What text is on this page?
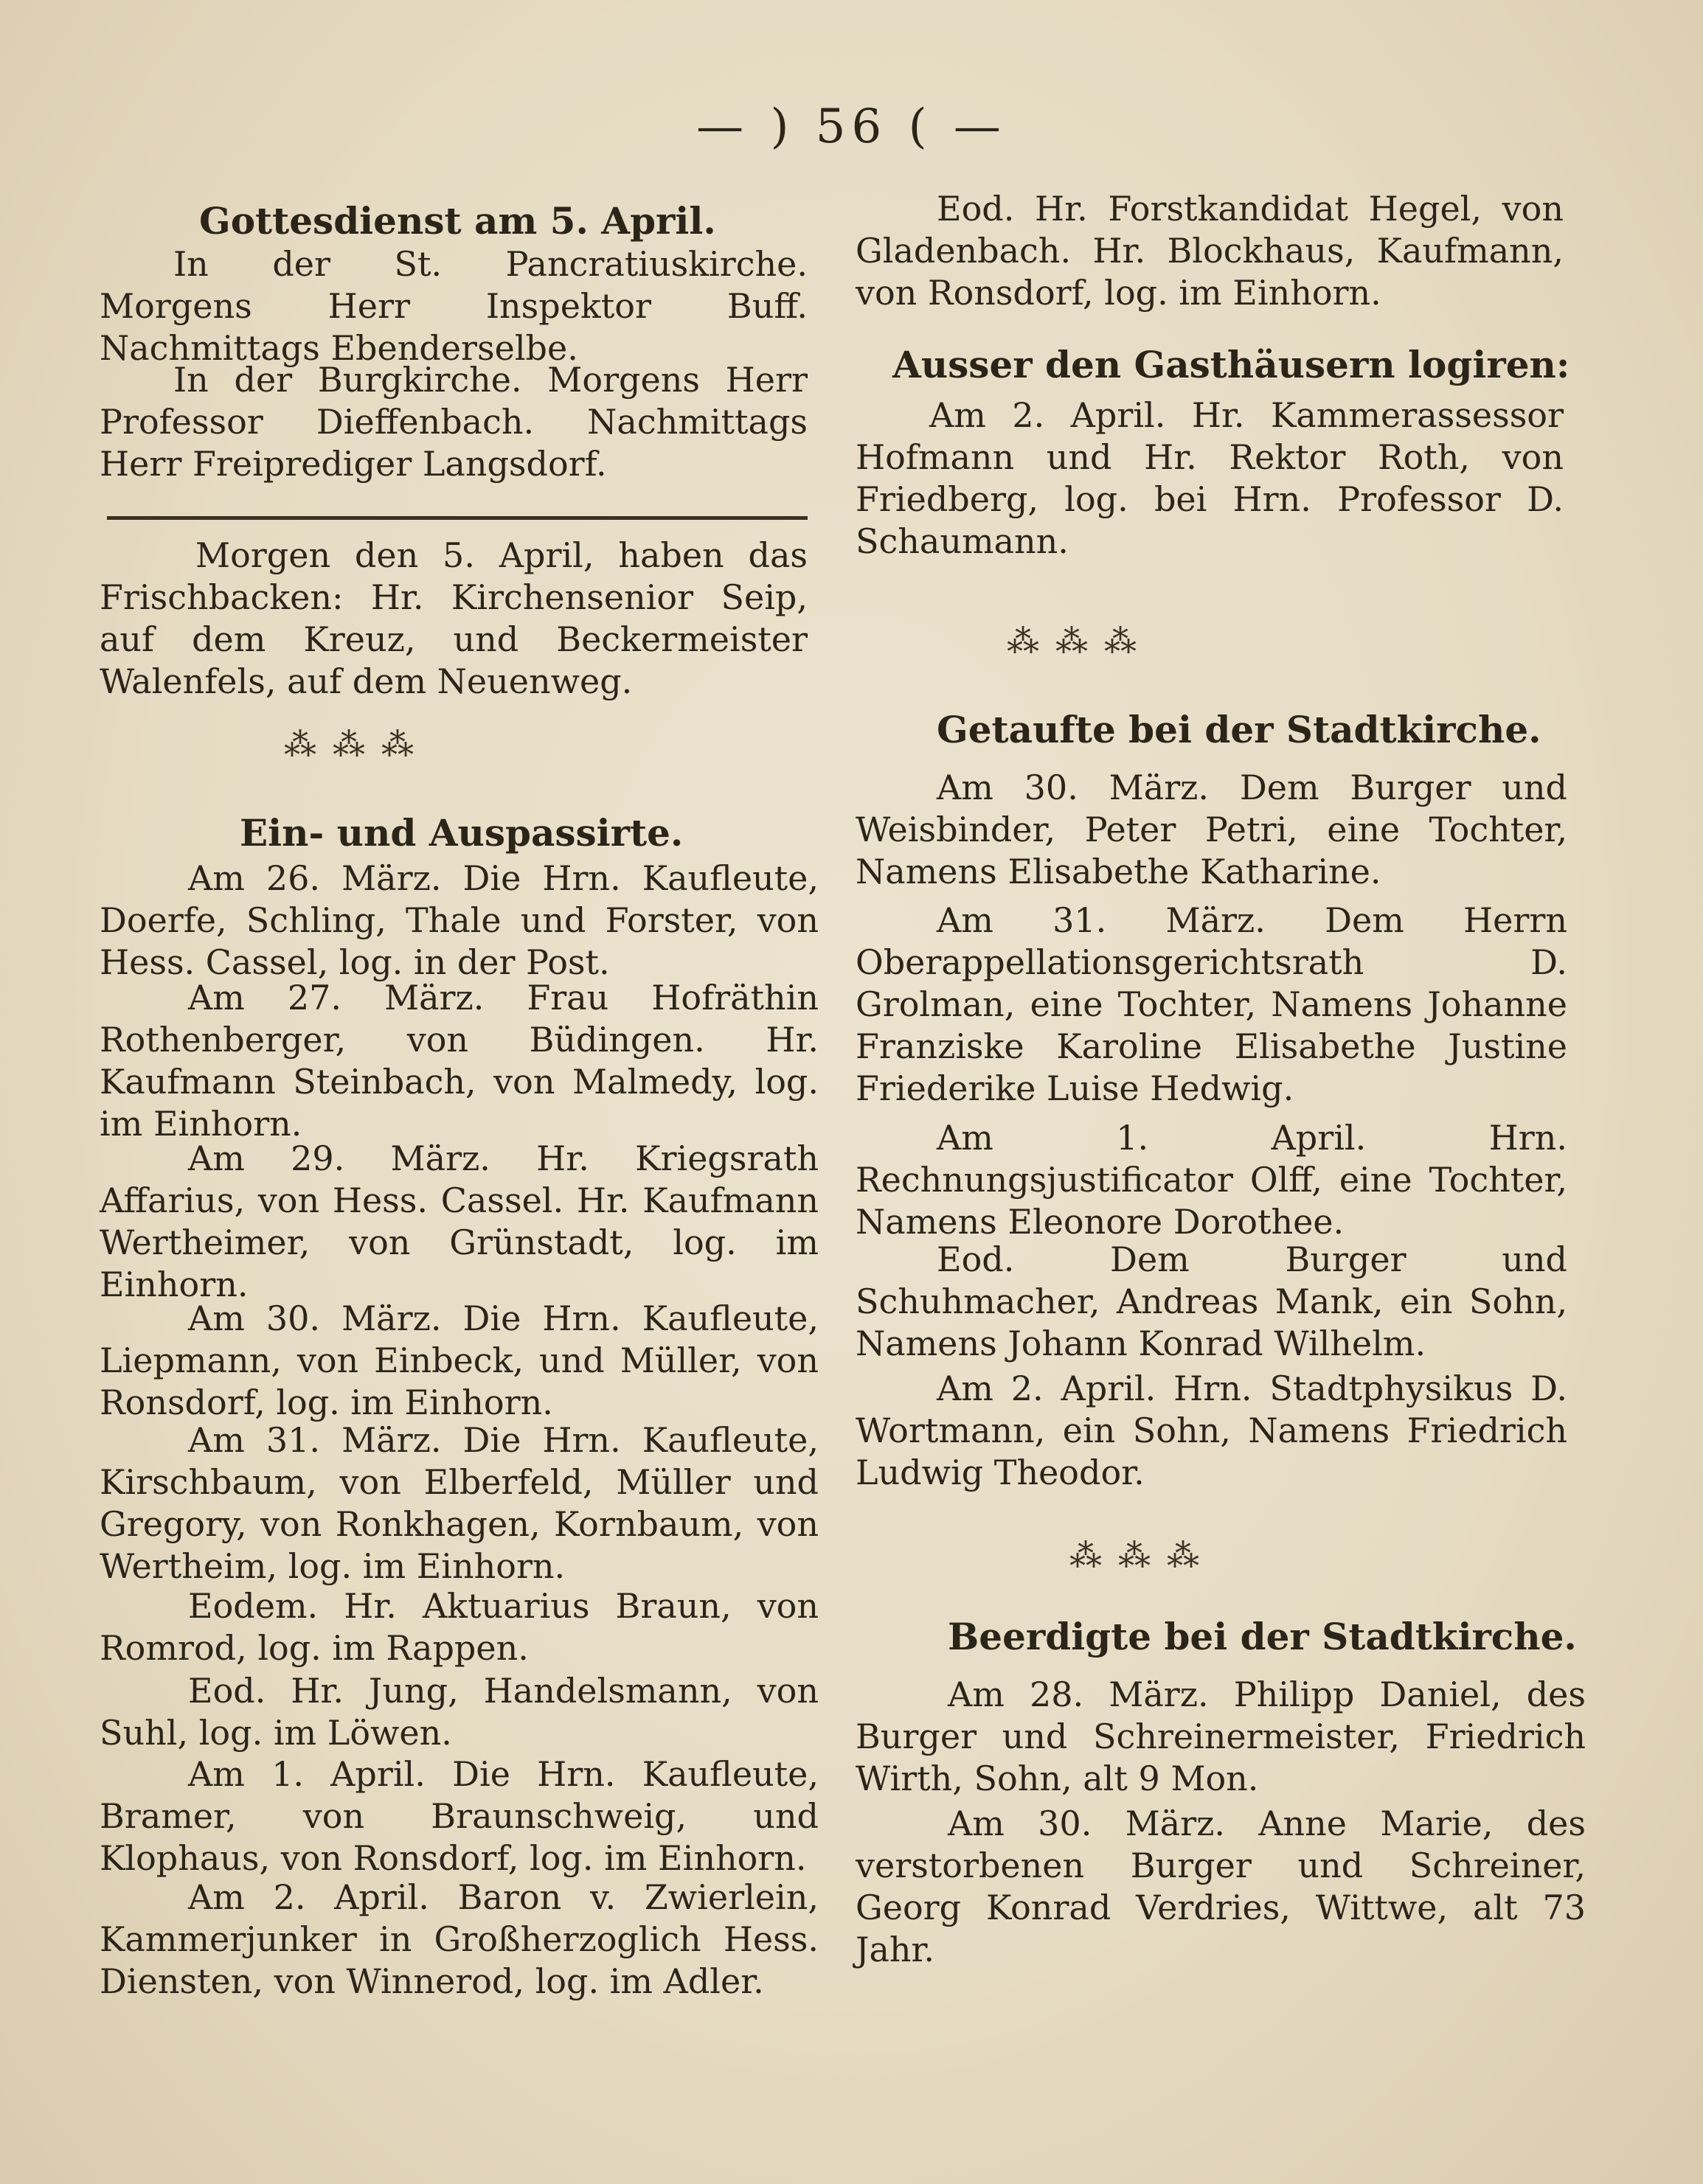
— ) 56 ( —
Gottesdienst am 5. April.
In der St. Pancratiuskirche. Morgens Herr Inspektor Buff. Nachmittags Ebenderselbe.
In der Burgkirche. Morgens Herr Professor Dieffenbach. Nachmittags Herr Freiprediger Langsdorf.
Morgen den 5. April, haben das Frischbacken: Hr. Kirchensenior Seip, auf dem Kreuz, und Beckermeister Walenfels, auf dem Neuenweg.
⁂ ⁂ ⁂
Ein- und Auspassirte.
Am 26. März. Die Hrn. Kaufleute, Doerfe, Schling, Thale und Forster, von Hess. Cassel, log. in der Post.
Am 27. März. Frau Hofräthin Rothenberger, von Büdingen. Hr. Kaufmann Steinbach, von Malmedy, log. im Einhorn.
Am 29. März. Hr. Kriegsrath Affarius, von Hess. Cassel. Hr. Kaufmann Wertheimer, von Grünstadt, log. im Einhorn.
Am 30. März. Die Hrn. Kaufleute, Liepmann, von Einbeck, und Müller, von Ronsdorf, log. im Einhorn.
Am 31. März. Die Hrn. Kaufleute, Kirschbaum, von Elberfeld, Müller und Gregory, von Ronkhagen, Kornbaum, von Wertheim, log. im Einhorn.
Eodem. Hr. Aktuarius Braun, von Romrod, log. im Rappen.
Eod. Hr. Jung, Handelsmann, von Suhl, log. im Löwen.
Am 1. April. Die Hrn. Kaufleute, Bramer, von Braunschweig, und Klophaus, von Ronsdorf, log. im Einhorn.
Am 2. April. Baron v. Zwierlein, Kammerjunker in Großherzoglich Hess. Diensten, von Winnerod, log. im Adler.
Eod. Hr. Forstkandidat Hegel, von Gladenbach. Hr. Blockhaus, Kaufmann, von Ronsdorf, log. im Einhorn.
Ausser den Gasthäusern logiren:
Am 2. April. Hr. Kammerassessor Hofmann und Hr. Rektor Roth, von Friedberg, log. bei Hrn. Professor D. Schaumann.
⁂ ⁂ ⁂
Getaufte bei der Stadtkirche.
Am 30. März. Dem Burger und Weisbinder, Peter Petri, eine Tochter, Namens Elisabethe Katharine.
Am 31. März. Dem Herrn Oberappellationsgerichtsrath D. Grolman, eine Tochter, Namens Johanne Franziske Karoline Elisabethe Justine Friederike Luise Hedwig.
Am 1. April. Hrn. Rechnungsjustificator Olff, eine Tochter, Namens Eleonore Dorothee.
Eod. Dem Burger und Schuhmacher, Andreas Mank, ein Sohn, Namens Johann Konrad Wilhelm.
Am 2. April. Hrn. Stadtphysikus D. Wortmann, ein Sohn, Namens Friedrich Ludwig Theodor.
⁂ ⁂ ⁂
Beerdigte bei der Stadtkirche.
Am 28. März. Philipp Daniel, des Burger und Schreinermeister, Friedrich Wirth, Sohn, alt 9 Mon.
Am 30. März. Anne Marie, des verstorbenen Burger und Schreiner, Georg Konrad Verdries, Wittwe, alt 73 Jahr.
